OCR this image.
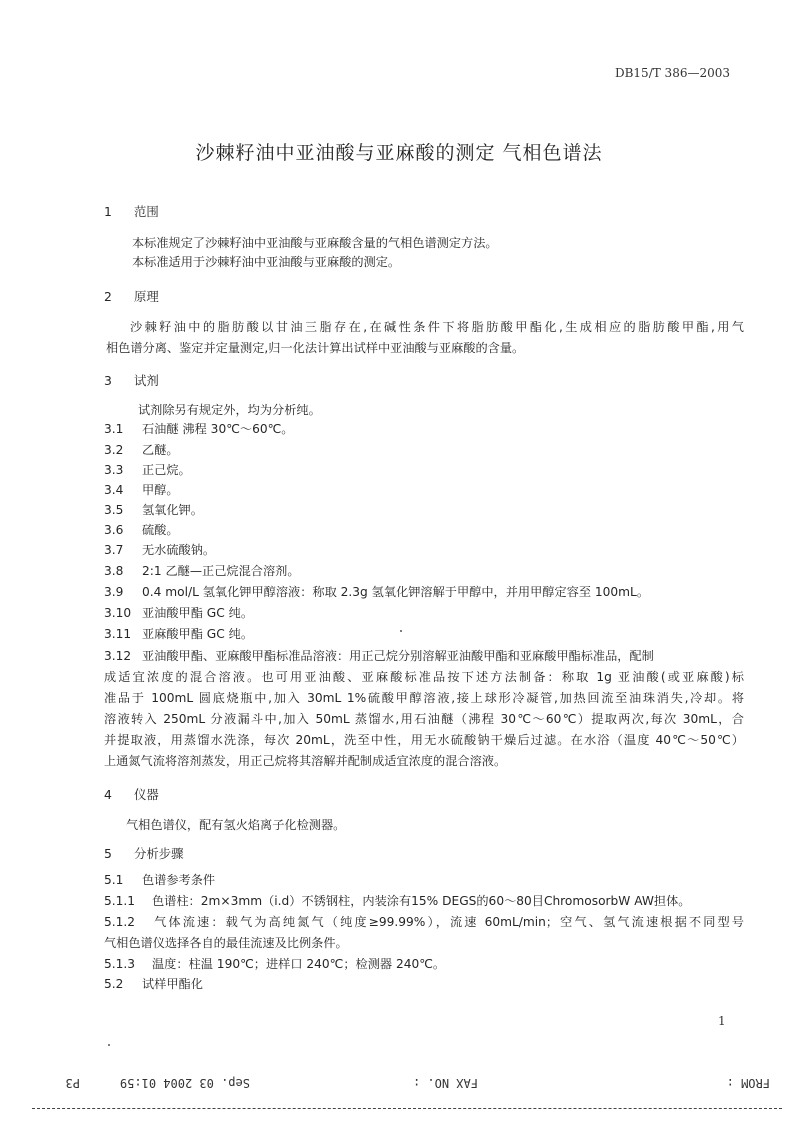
DB15/T 386—2003
沙棘籽油中亚油酸与亚麻酸的测定 气相色谱法
1 范围
本标准规定了沙棘籽油中亚油酸与亚麻酸含量的气相色谱测定方法。
本标准适用于沙棘籽油中亚油酸与亚麻酸的测定。
2 原理
沙棘籽油中的脂肪酸以甘油三脂存在,在碱性条件下将脂肪酸甲酯化,生成相应的脂肪酸甲酯,用气
相色谱分离、鉴定并定量测定,归一化法计算出试样中亚油酸与亚麻酸的含量。
3 试剂
试剂除另有规定外，均为分析纯。
3.1 石油醚 沸程 30℃～60℃。
3.2 乙醚。
3.3 正己烷。
3.4 甲醇。
3.5 氢氧化钾。
3.6 硫酸。
3.7 无水硫酸钠。
3.8 2:1 乙醚—正己烷混合溶剂。
3.9 0.4 mol/L 氢氧化钾甲醇溶液：称取 2.3g 氢氧化钾溶解于甲醇中，并用甲醇定容至 100mL。
3.10 亚油酸甲酯 GC 纯。
3.11 亚麻酸甲酯 GC 纯。
3.12 亚油酸甲酯、亚麻酸甲酯标准品溶液：用正己烷分别溶解亚油酸甲酯和亚麻酸甲酯标准品，配制
成适宜浓度的混合溶液。也可用亚油酸、亚麻酸标准品按下述方法制备：称取 1g 亚油酸(或亚麻酸)标
准品于 100mL 圆底烧瓶中,加入 30mL 1%硫酸甲醇溶液,接上球形冷凝管,加热回流至油珠消失,冷却。将
溶液转入 250mL 分液漏斗中,加入 50mL 蒸馏水,用石油醚（沸程 30℃～60℃）提取两次,每次 30mL，合
并提取液，用蒸馏水洗涤，每次 20mL，洗至中性，用无水硫酸钠干燥后过滤。在水浴（温度 40℃～50℃）
上通氮气流将溶剂蒸发，用正己烷将其溶解并配制成适宜浓度的混合溶液。
4 仪器
气相色谱仪，配有氢火焰离子化检测器。
5 分析步骤
5.1 色谱参考条件
5.1.1 色谱柱：2m×3mm（i.d）不锈钢柱，内装涂有15% DEGS的60～80目ChromosorbW AW担体。
5.1.2 气体流速：载气为高纯氮气（纯度≥99.99%），流速 60mL/min；空气、氢气流速根据不同型号
气相色谱仪选择各自的最佳流速及比例条件。
5.1.3 温度：柱温 190℃；进样口 240℃；检测器 240℃。
5.2 试样甲酯化
1
FROM :
FAX NO. :
Sep. 03 2004 01:59
P3
